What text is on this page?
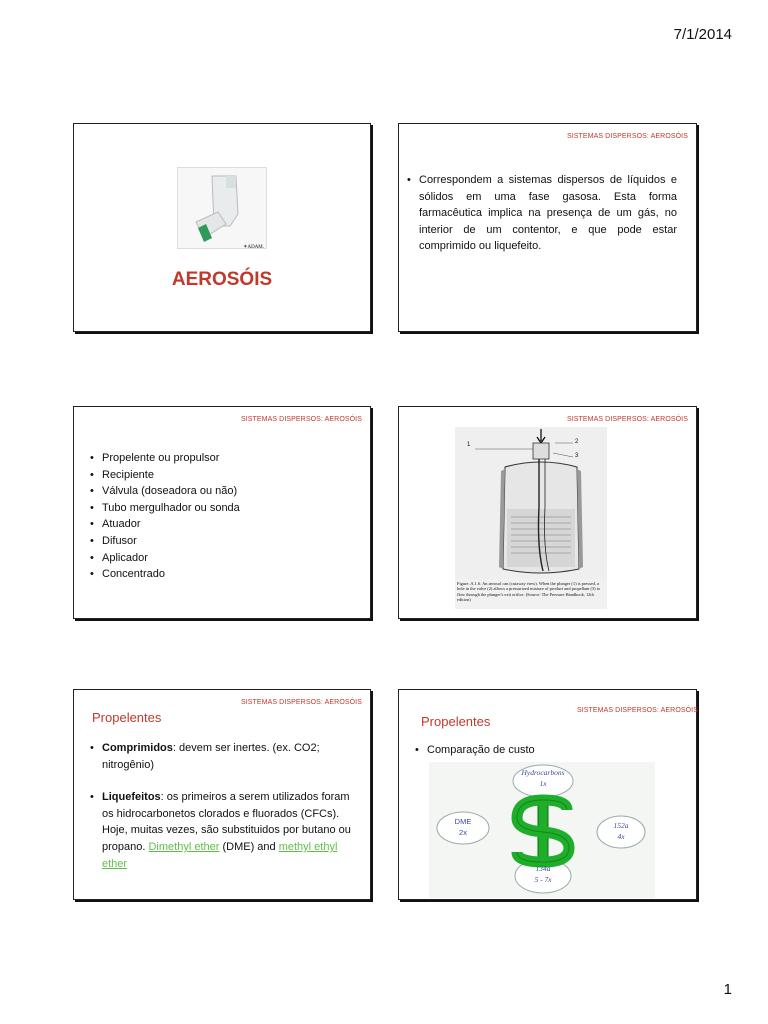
7/1/2014
✶ADAM.
AEROSÓIS
SISTEMAS DISPERSOS: AEROSÓIS
• Correspondem a sistemas dispersos de líquidos e sólidos em uma fase gasosa. Esta forma farmacêutica implica na presença de um gás, no interior de um contentor, e que pode estar comprimido ou liquefeito.
SISTEMAS DISPERSOS: AEROSÓIS
• Propelente ou propulsor
• Recipiente
• Válvula (doseadora ou não)
• Tubo mergulhador ou sonda
• Atuador
• Difusor
• Aplicador
• Concentrado
SISTEMAS DISPERSOS: AEROSÓIS
1	2
3
Figure. A.1.6. An aerosol can (cutaway view). When the plunger (1) is pressed, a hole in the valve (2) allows a pressurized mixture of product and propellant (3) to flow through the plunger's exit orifice. (Source: The Pressure Handbook, 12th edition)
SISTEMAS DISPERSOS: AEROSÓIS
Propelentes
• Comprimidos: devem ser inertes. (ex. CO2; nitrogênio)
• Liquefeitos: os primeiros a serem utilizados foram os hidrocarbonetos clorados e fluorados (CFCs). Hoje, muitas vezes, são substituidos por butano ou propano. Dimethyl ether (DME) and methyl ethyl ether
SISTEMAS DISPERSOS: AEROSÓIS
Propelentes
• Comparação de custo
Hydrocarbons
1x
DME
2x
152a
4x
134a
5 - 7x
1
